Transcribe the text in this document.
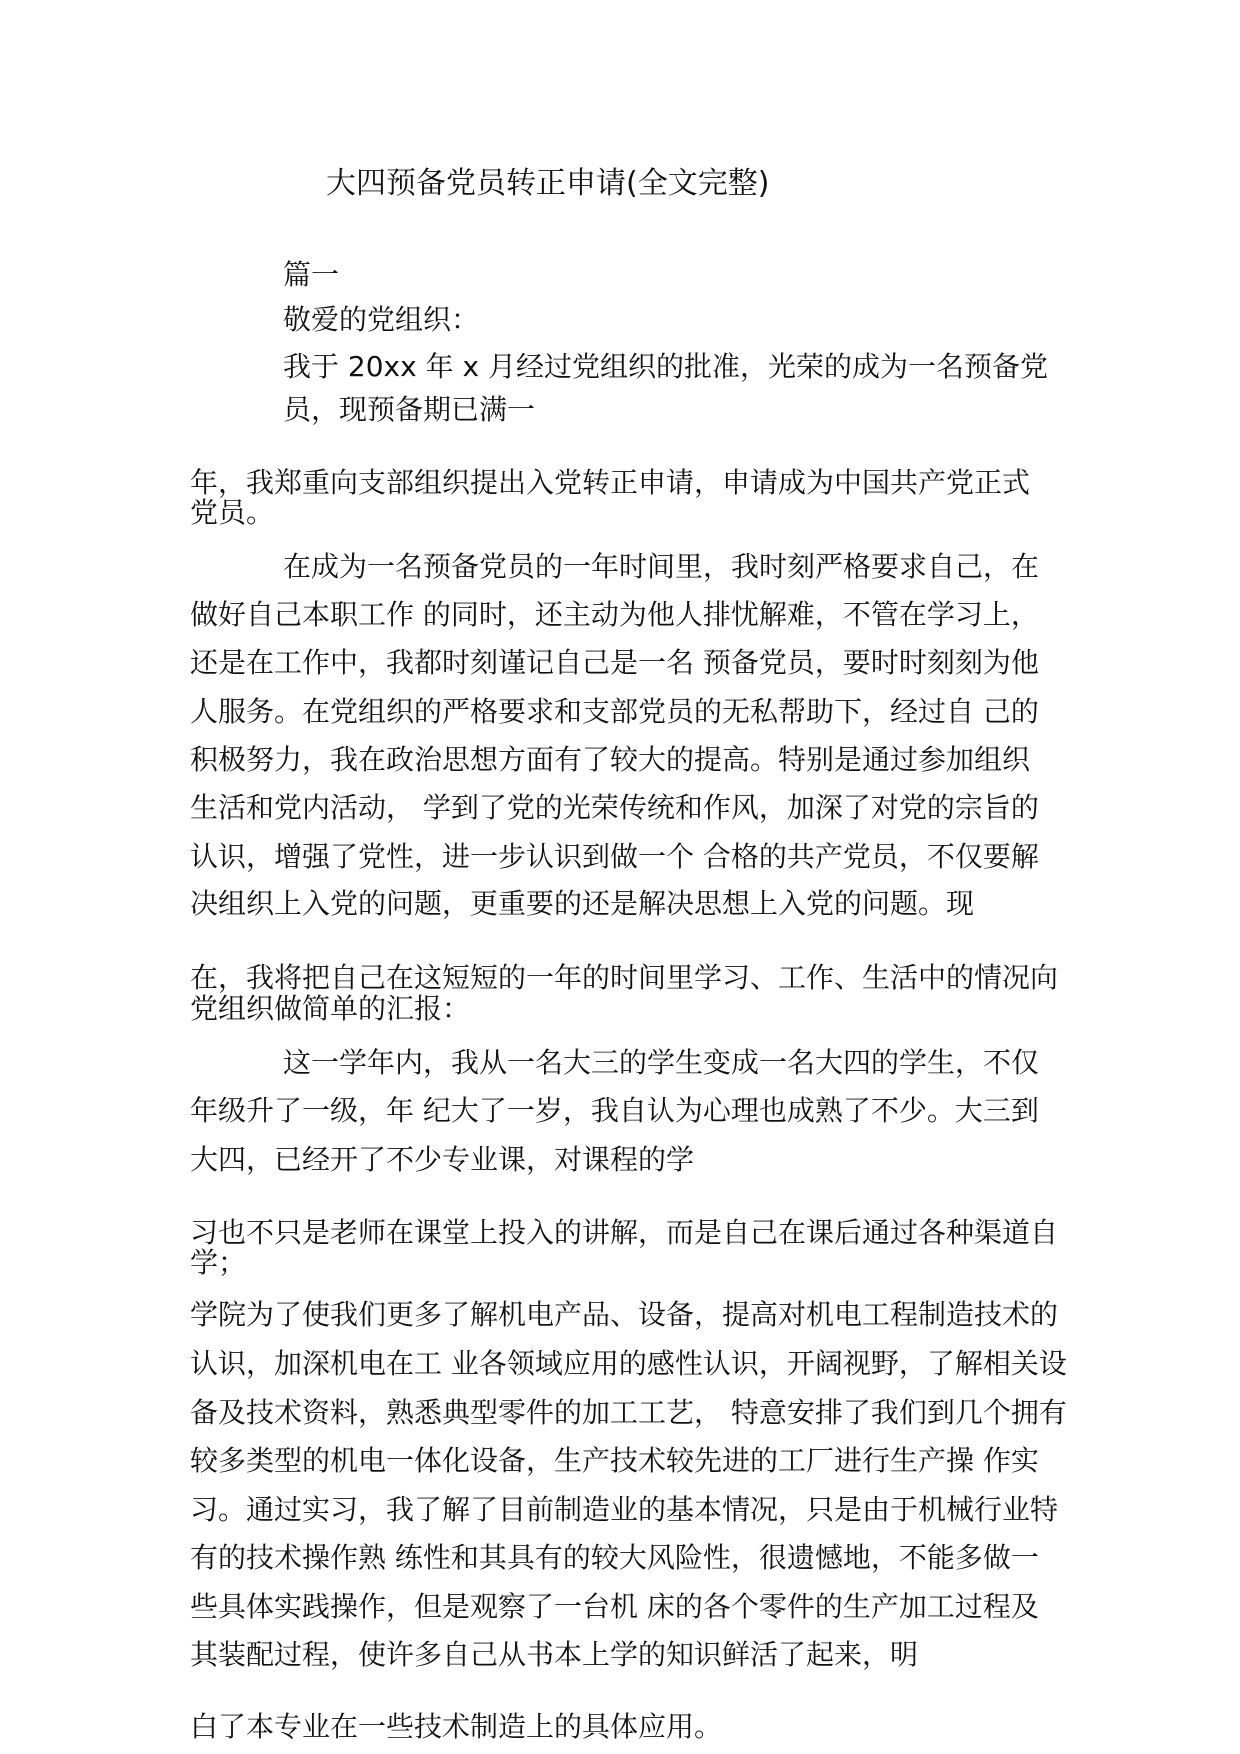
大四预备党员转正申请(全文完整)
篇一
敬爱的党组织：
我于 20xx 年 x 月经过党组织的批准，光荣的成为一名预备党
员，现预备期已满一
年，我郑重向支部组织提出入党转正申请，申请成为中国共产党正式
党员。
在成为一名预备党员的一年时间里，我时刻严格要求自己，在
做好自己本职工作 的同时，还主动为他人排忧解难，不管在学习上，
还是在工作中，我都时刻谨记自己是一名 预备党员，要时时刻刻为他
人服务。在党组织的严格要求和支部党员的无私帮助下，经过自 己的
积极努力，我在政治思想方面有了较大的提高。特别是通过参加组织
生活和党内活动， 学到了党的光荣传统和作风，加深了对党的宗旨的
认识，增强了党性，进一步认识到做一个 合格的共产党员，不仅要解
决组织上入党的问题，更重要的还是解决思想上入党的问题。现
在，我将把自己在这短短的一年的时间里学习、工作、生活中的情况向
党组织做简单的汇报：
这一学年内，我从一名大三的学生变成一名大四的学生，不仅
年级升了一级，年 纪大了一岁，我自认为心理也成熟了不少。大三到
大四，已经开了不少专业课，对课程的学
习也不只是老师在课堂上投入的讲解，而是自己在课后通过各种渠道自
学；
学院为了使我们更多了解机电产品、设备，提高对机电工程制造技术的
认识，加深机电在工 业各领域应用的感性认识，开阔视野，了解相关设
备及技术资料，熟悉典型零件的加工工艺， 特意安排了我们到几个拥有
较多类型的机电一体化设备，生产技术较先进的工厂进行生产操 作实
习。通过实习，我了解了目前制造业的基本情况，只是由于机械行业特
有的技术操作熟 练性和其具有的较大风险性，很遗憾地，不能多做一
些具体实践操作，但是观察了一台机 床的各个零件的生产加工过程及
其装配过程，使许多自己从书本上学的知识鲜活了起来，明
白了本专业在一些技术制造上的具体应用。
